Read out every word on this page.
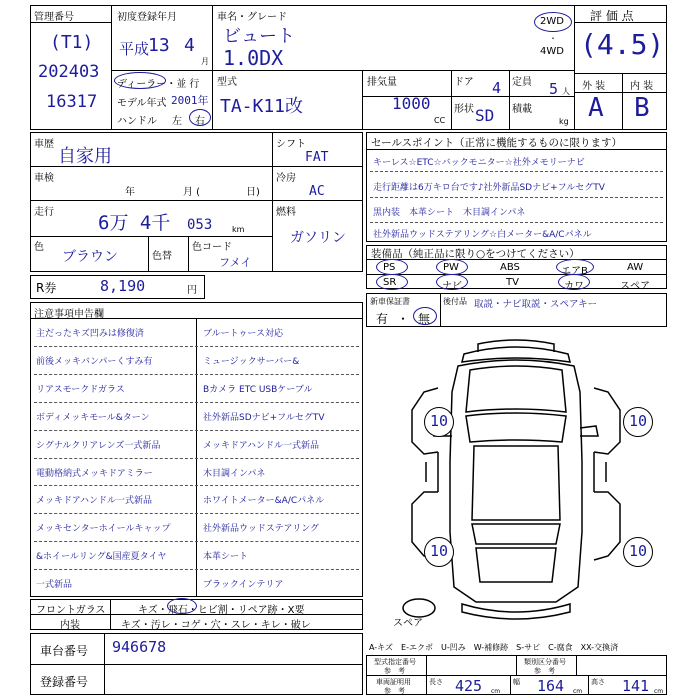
管理番号
(T1)
202403
16317
初度登録年月
平成
13 4
月
車名・グレード
ビュート
1.0DX
2WD
・
4WD
評 価 点
(4.5)
ディーラー・並 行
モデル年式 2001年
ハンドル 左 右
型式
TA-K11改
排気量
1000
CC
ドア 4 定員 5 人
形状 SD 積載
kg
外 装 内 装
A B
車歴
自家用
車検
年	月 (	日)
走行 6万 4千 053 km
色
ブラウン	色替
色コード
フメイ
シフト
FAT
冷房
AC
燃料
ガソリン
R券	8,190	円
セールスポイント（正常に機能するものに限ります）
キーレス☆ETC☆バックモニター☆社外メモリーナビ
走行距離は6万キロ台です♪社外新品SDナビ+フルセグTV
黒内装　本革シート　木目調インパネ
社外新品ウッドステアリング☆白メーター&A/Cパネル
装備品（純正品に限り○をつけてください）
PS	PW	ABS	エアB	AW
SR	ナビ	TV	カワ	スペア
新車保証書	後付品
有 ・ 無
取説・ナビ取説・スペアキー
注意事項申告欄
主だったキズ凹みは修復済	ブルートゥース対応
前後メッキバンパーくすみ有	ミュージックサーバー&
リアスモークドガラス	Bカメラ ETC USBケーブル
ボディメッキモール&ターン	社外新品SDナビ+フルセグTV
シグナルクリアレンズ一式新品	メッキドアハンドル一式新品
電動格納式メッキドアミラー	木目調インパネ
メッキドアハンドル一式新品	ホワイトメーター&A/Cパネル
メッキセンターホイールキャップ	社外新品ウッドステアリング
&ホイールリング&国産夏タイヤ	本革シート
一式新品	ブラックインテリア
フロントガラス	キズ・飛石・ヒビ割・リペア跡・X要
内装	キズ・汚レ・コゲ・穴・スレ・キレ・破レ
車台番号 946678
登録番号
10	10
10	10
スペア
A-キズ　E-エクボ　U-凹み　W-補修跡　S-サビ　C-腐食　XX-交換済
型式指定番号
参　考
類別区分番号
参　考
車両証明用
参　考
長さ 425 cm
幅 164 cm
高さ 141 cm
